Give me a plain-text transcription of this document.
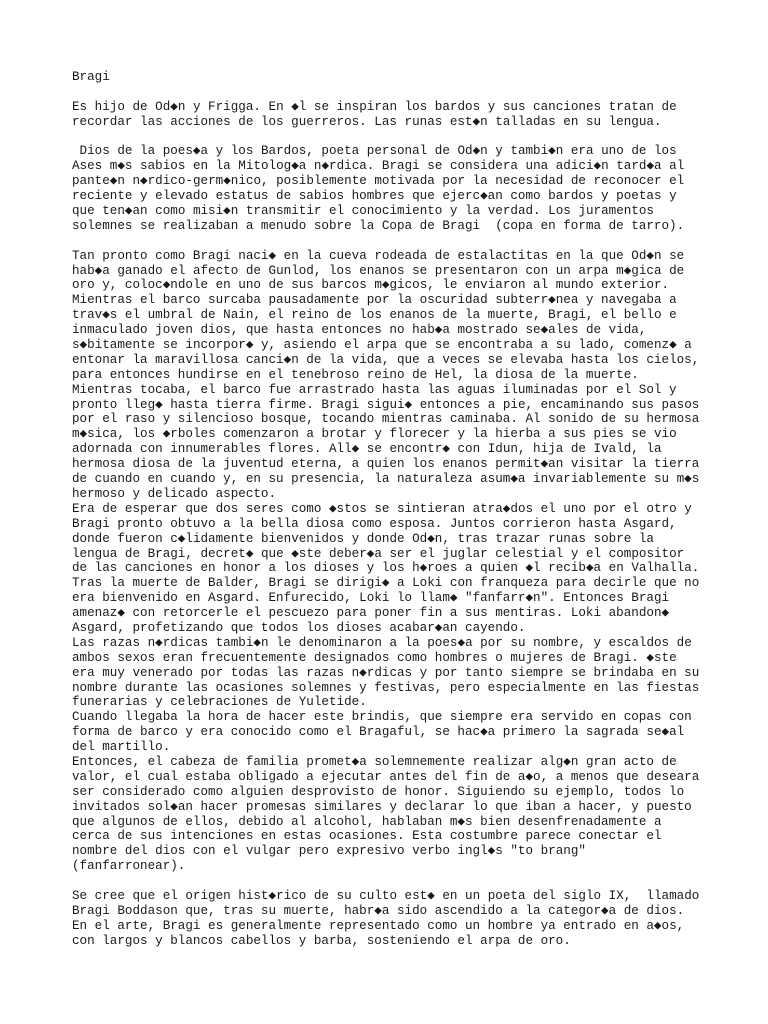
Bragi
Es hijo de Od◆n y Frigga. En ◆l se inspiran los bardos y sus canciones tratan de
recordar las acciones de los guerreros. Las runas est◆n talladas en su lengua.
Dios de la poes◆a y los Bardos, poeta personal de Od◆n y tambi◆n era uno de los
Ases m◆s sabios en la Mitolog◆a n◆rdica. Bragi se considera una adici◆n tard◆a al
pante◆n n◆rdico-germ◆nico, posiblemente motivada por la necesidad de reconocer el
reciente y elevado estatus de sabios hombres que ejerc◆an como bardos y poetas y
que ten◆an como misi◆n transmitir el conocimiento y la verdad. Los juramentos
solemnes se realizaban a menudo sobre la Copa de Bragi  (copa en forma de tarro).
Tan pronto como Bragi naci◆ en la cueva rodeada de estalactitas en la que Od◆n se
hab◆a ganado el afecto de Gunlod, los enanos se presentaron con un arpa m◆gica de
oro y, coloc◆ndole en uno de sus barcos m◆gicos, le enviaron al mundo exterior.
Mientras el barco surcaba pausadamente por la oscuridad subterr◆nea y navegaba a
trav◆s el umbral de Nain, el reino de los enanos de la muerte, Bragi, el bello e
inmaculado joven dios, que hasta entonces no hab◆a mostrado se◆ales de vida,
s◆bitamente se incorpor◆ y, asiendo el arpa que se encontraba a su lado, comenz◆ a
entonar la maravillosa canci◆n de la vida, que a veces se elevaba hasta los cielos,
para entonces hundirse en el tenebroso reino de Hel, la diosa de la muerte.
Mientras tocaba, el barco fue arrastrado hasta las aguas iluminadas por el Sol y
pronto lleg◆ hasta tierra firme. Bragi sigui◆ entonces a pie, encaminando sus pasos
por el raso y silencioso bosque, tocando mientras caminaba. Al sonido de su hermosa
m◆sica, los ◆rboles comenzaron a brotar y florecer y la hierba a sus pies se vio
adornada con innumerables flores. All◆ se encontr◆ con Idun, hija de Ivald, la
hermosa diosa de la juventud eterna, a quien los enanos permit◆an visitar la tierra
de cuando en cuando y, en su presencia, la naturaleza asum◆a invariablemente su m◆s
hermoso y delicado aspecto.
Era de esperar que dos seres como ◆stos se sintieran atra◆dos el uno por el otro y
Bragi pronto obtuvo a la bella diosa como esposa. Juntos corrieron hasta Asgard,
donde fueron c◆lidamente bienvenidos y donde Od◆n, tras trazar runas sobre la
lengua de Bragi, decret◆ que ◆ste deber◆a ser el juglar celestial y el compositor
de las canciones en honor a los dioses y los h◆roes a quien ◆l recib◆a en Valhalla.
Tras la muerte de Balder, Bragi se dirigi◆ a Loki con franqueza para decirle que no
era bienvenido en Asgard. Enfurecido, Loki lo llam◆ "fanfarr◆n". Entonces Bragi
amenaz◆ con retorcerle el pescuezo para poner fin a sus mentiras. Loki abandon◆
Asgard, profetizando que todos los dioses acabar◆an cayendo.
Las razas n◆rdicas tambi◆n le denominaron a la poes◆a por su nombre, y escaldos de
ambos sexos eran frecuentemente designados como hombres o mujeres de Bragi. ◆ste
era muy venerado por todas las razas n◆rdicas y por tanto siempre se brindaba en su
nombre durante las ocasiones solemnes y festivas, pero especialmente en las fiestas
funerarias y celebraciones de Yuletide.
Cuando llegaba la hora de hacer este brindis, que siempre era servido en copas con
forma de barco y era conocido como el Bragaful, se hac◆a primero la sagrada se◆al
del martillo.
Entonces, el cabeza de familia promet◆a solemnemente realizar alg◆n gran acto de
valor, el cual estaba obligado a ejecutar antes del fin de a◆o, a menos que deseara
ser considerado como alguien desprovisto de honor. Siguiendo su ejemplo, todos lo
invitados sol◆an hacer promesas similares y declarar lo que iban a hacer, y puesto
que algunos de ellos, debido al alcohol, hablaban m◆s bien desenfrenadamente a
cerca de sus intenciones en estas ocasiones. Esta costumbre parece conectar el
nombre del dios con el vulgar pero expresivo verbo ingl◆s "to brang"
(fanfarronear).
Se cree que el origen hist◆rico de su culto est◆ en un poeta del siglo IX,  llamado
Bragi Boddason que, tras su muerte, habr◆a sido ascendido a la categor◆a de dios.
En el arte, Bragi es generalmente representado como un hombre ya entrado en a◆os,
con largos y blancos cabellos y barba, sosteniendo el arpa de oro.
